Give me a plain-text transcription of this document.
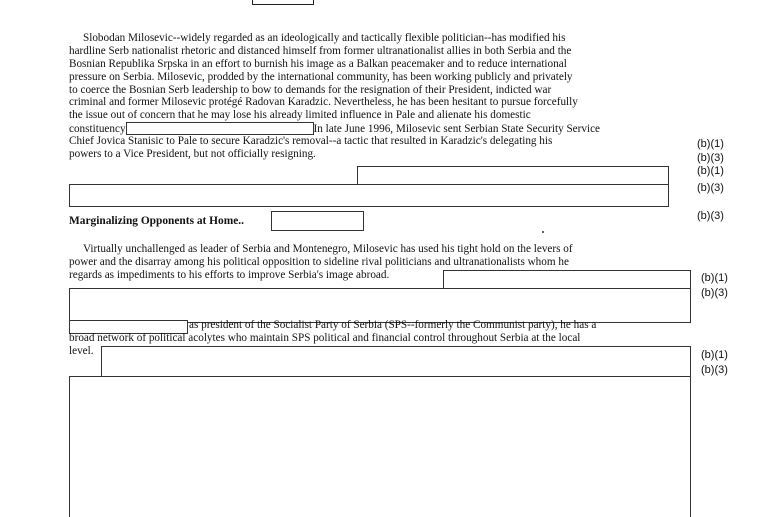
Slobodan Milosevic--widely regarded as an ideologically and tactically flexible politician--has modified his
hardline Serb nationalist rhetoric and distanced himself from former ultranationalist allies in both Serbia and the
Bosnian Republika Srpska in an effort to burnish his image as a Balkan peacemaker and to reduce international
pressure on Serbia. Milosevic, prodded by the international community, has been working publicly and privately
to coerce the Bosnian Serb leadership to bow to demands for the resignation of their President, indicted war
criminal and former Milosevic protégé Radovan Karadzic. Nevertheless, he has been hesitant to pursue forcefully
the issue out of concern that he may lose his already limited influence in Pale and alienate his domestic
constituency	In late June 1996, Milosevic sent Serbian State Security Service
Chief Jovica Stanisic to Pale to secure Karadzic's removal--a tactic that resulted in Karadzic's delegating his
powers to a Vice President, but not officially resigning.
(b)(1)
(b)(3)
(b)(1)
(b)(3)
Marginalizing Opponents at Home..	(b)(3)
Virtually unchallenged as leader of Serbia and Montenegro, Milosevic has used his tight hold on the levers of
power and the disarray among his political opposition to sideline rival politicians and ultranationalists whom he
regards as impediments to his efforts to improve Serbia's image abroad.	(b)(1)
(b)(3)
as president of the Socialist Party of Serbia (SPS--formerly the Communist party), he has a
broad network of political acolytes who maintain SPS political and financial control throughout Serbia at the local
level.	(b)(1)
(b)(3)
